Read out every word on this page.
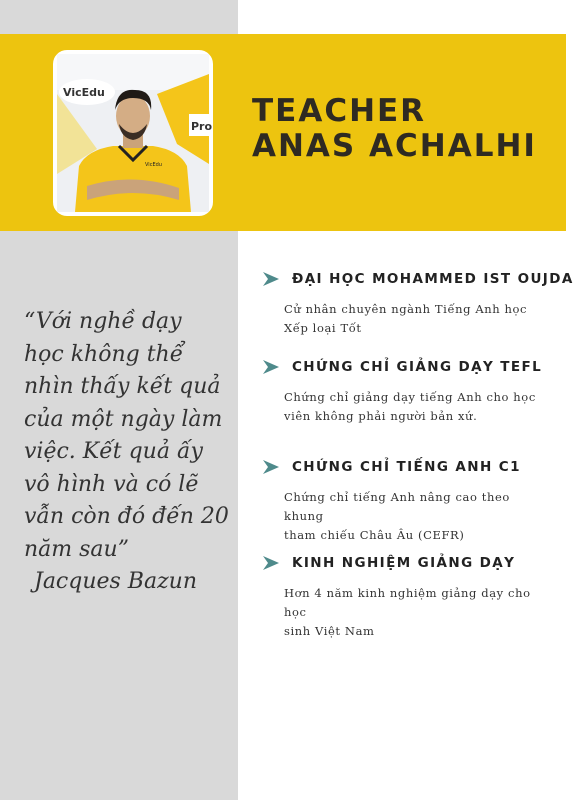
Pro
VicEdu
VicEdu
TEACHER
ANAS ACHALHI
“Với nghề dạy
học không thể
nhìn thấy kết quả
của một ngày làm
việc. Kết quả ấy
vô hình và có lẽ
vẫn còn đó đến 20
năm sau”
Jacques Bazun
ĐẠI HỌC MOHAMMED IST OUJDA
Cử nhân chuyên ngành Tiếng Anh học
Xếp loại Tốt
CHỨNG CHỈ GIẢNG DẠY TEFL
Chứng chỉ giảng dạy tiếng Anh cho học
viên không phải người bản xứ.
CHỨNG CHỈ TIẾNG ANH C1
Chứng chỉ tiếng Anh nâng cao theo khung
tham chiếu Châu Âu (CEFR)
KINH NGHIỆM GIẢNG DẠY
Hơn 4 năm kinh nghiệm giảng dạy cho học
sinh Việt Nam
